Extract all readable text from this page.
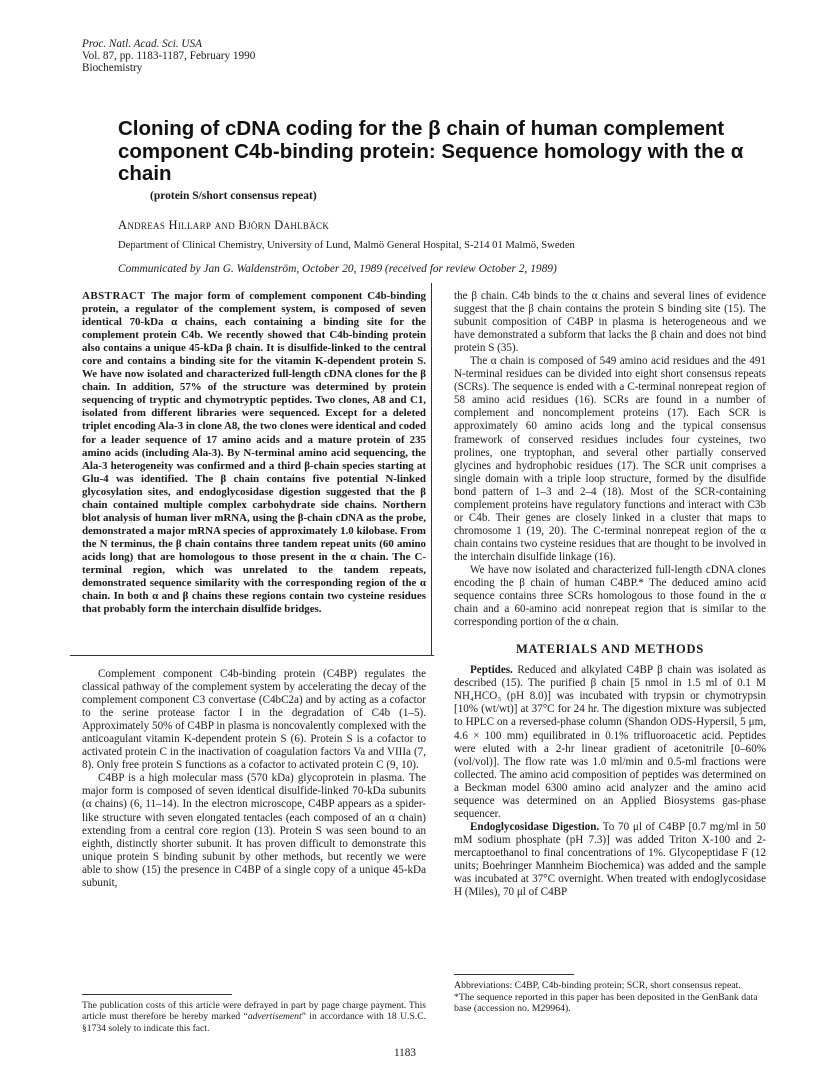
Proc. Natl. Acad. Sci. USA
Vol. 87, pp. 1183-1187, February 1990
Biochemistry
Cloning of cDNA coding for the β chain of human complement component C4b-binding protein: Sequence homology with the α chain
(protein S/short consensus repeat)
Andreas Hillarp and Björn Dahlbäck
Department of Clinical Chemistry, University of Lund, Malmö General Hospital, S-214 01 Malmö, Sweden
Communicated by Jan G. Waldenström, October 20, 1989 (received for review October 2, 1989)
ABSTRACT The major form of complement component C4b-binding protein, a regulator of the complement system, is composed of seven identical 70-kDa α chains, each containing a binding site for the complement protein C4b. We recently showed that C4b-binding protein also contains a unique 45-kDa β chain. It is disulfide-linked to the central core and contains a binding site for the vitamin K-dependent protein S. We have now isolated and characterized full-length cDNA clones for the β chain. In addition, 57% of the structure was determined by protein sequencing of tryptic and chymotryptic peptides. Two clones, A8 and C1, isolated from different libraries were sequenced. Except for a deleted triplet encoding Ala-3 in clone A8, the two clones were identical and coded for a leader sequence of 17 amino acids and a mature protein of 235 amino acids (including Ala-3). By N-terminal amino acid sequencing, the Ala-3 heterogeneity was confirmed and a third β-chain species starting at Glu-4 was identified. The β chain contains five potential N-linked glycosylation sites, and endoglycosidase digestion suggested that the β chain contained multiple complex carbohydrate side chains. Northern blot analysis of human liver mRNA, using the β-chain cDNA as the probe, demonstrated a major mRNA species of approximately 1.0 kilobase. From the N terminus, the β chain contains three tandem repeat units (60 amino acids long) that are homologous to those present in the α chain. The C-terminal region, which was unrelated to the tandem repeats, demonstrated sequence similarity with the corresponding region of the α chain. In both α and β chains these regions contain two cysteine residues that probably form the interchain disulfide bridges.

Complement component C4b-binding protein (C4BP) regulates the classical pathway of the complement system by accelerating the decay of the complement component C3 convertase (C4bC2a) and by acting as a cofactor to the serine protease factor I in the degradation of C4b (1–5). Approximately 50% of C4BP in plasma is noncovalently complexed with the anticoagulant vitamin K-dependent protein S (6). Protein S is a cofactor to activated protein C in the inactivation of coagulation factors Va and VIIIa (7, 8). Only free protein S functions as a cofactor to activated protein C (9, 10).

C4BP is a high molecular mass (570 kDa) glycoprotein in plasma. The major form is composed of seven identical disulfide-linked 70-kDa subunits (α chains) (6, 11–14). In the electron microscope, C4BP appears as a spider-like structure with seven elongated tentacles (each composed of an α chain) extending from a central core region (13). Protein S was seen bound to an eighth, distinctly shorter subunit. It has proven difficult to demonstrate this unique protein S binding subunit by other methods, but recently we were able to show (15) the presence in C4BP of a single copy of a unique 45-kDa subunit,

the β chain. C4b binds to the α chains and several lines of evidence suggest that the β chain contains the protein S binding site (15). The subunit composition of C4BP in plasma is heterogeneous and we have demonstrated a subform that lacks the β chain and does not bind protein S (35).

The α chain is composed of 549 amino acid residues and the 491 N-terminal residues can be divided into eight short consensus repeats (SCRs). The sequence is ended with a C-terminal nonrepeat region of 58 amino acid residues (16). SCRs are found in a number of complement and noncomplement proteins (17). Each SCR is approximately 60 amino acids long and the typical consensus framework of conserved residues includes four cysteines, two prolines, one tryptophan, and several other partially conserved glycines and hydrophobic residues (17). The SCR unit comprises a single domain with a triple loop structure, formed by the disulfide bond pattern of 1–3 and 2–4 (18). Most of the SCR-containing complement proteins have regulatory functions and interact with C3b or C4b. Their genes are closely linked in a cluster that maps to chromosome 1 (19, 20). The C-terminal nonrepeat region of the α chain contains two cysteine residues that are thought to be involved in the interchain disulfide linkage (16).

We have now isolated and characterized full-length cDNA clones encoding the β chain of human C4BP.* The deduced amino acid sequence contains three SCRs homologous to those found in the α chain and a 60-amino acid nonrepeat region that is similar to the corresponding portion of the α chain.

MATERIALS AND METHODS

Peptides. Reduced and alkylated C4BP β chain was isolated as described (15). The purified β chain [5 nmol in 1.5 ml of 0.1 M NH₄HCO₃ (pH 8.0)] was incubated with trypsin or chymotrypsin [10% (wt/wt)] at 37°C for 24 hr. The digestion mixture was subjected to HPLC on a reversed-phase column (Shandon ODS-Hypersil, 5 μm, 4.6 × 100 mm) equilibrated in 0.1% trifluoroacetic acid. Peptides were eluted with a 2-hr linear gradient of acetonitrile [0–60% (vol/vol)]. The flow rate was 1.0 ml/min and 0.5-ml fractions were collected. The amino acid composition of peptides was determined on a Beckman model 6300 amino acid analyzer and the amino acid sequence was determined on an Applied Biosystems gas-phase sequencer.

Endoglycosidase Digestion. To 70 μl of C4BP [0.7 mg/ml in 50 mM sodium phosphate (pH 7.3)] was added Triton X-100 and 2-mercaptoethanol to final concentrations of 1%. Glycopeptidase F (12 units; Boehringer Mannheim Biochemica) was added and the sample was incubated at 37°C overnight. When treated with endoglycosidase H (Miles), 70 μl of C4BP

The publication costs of this article were defrayed in part by page charge payment. This article must therefore be hereby marked “advertisement” in accordance with 18 U.S.C. §1734 solely to indicate this fact.
Abbreviations: C4BP, C4b-binding protein; SCR, short consensus repeat.
*The sequence reported in this paper has been deposited in the GenBank data base (accession no. M29964).
1183
